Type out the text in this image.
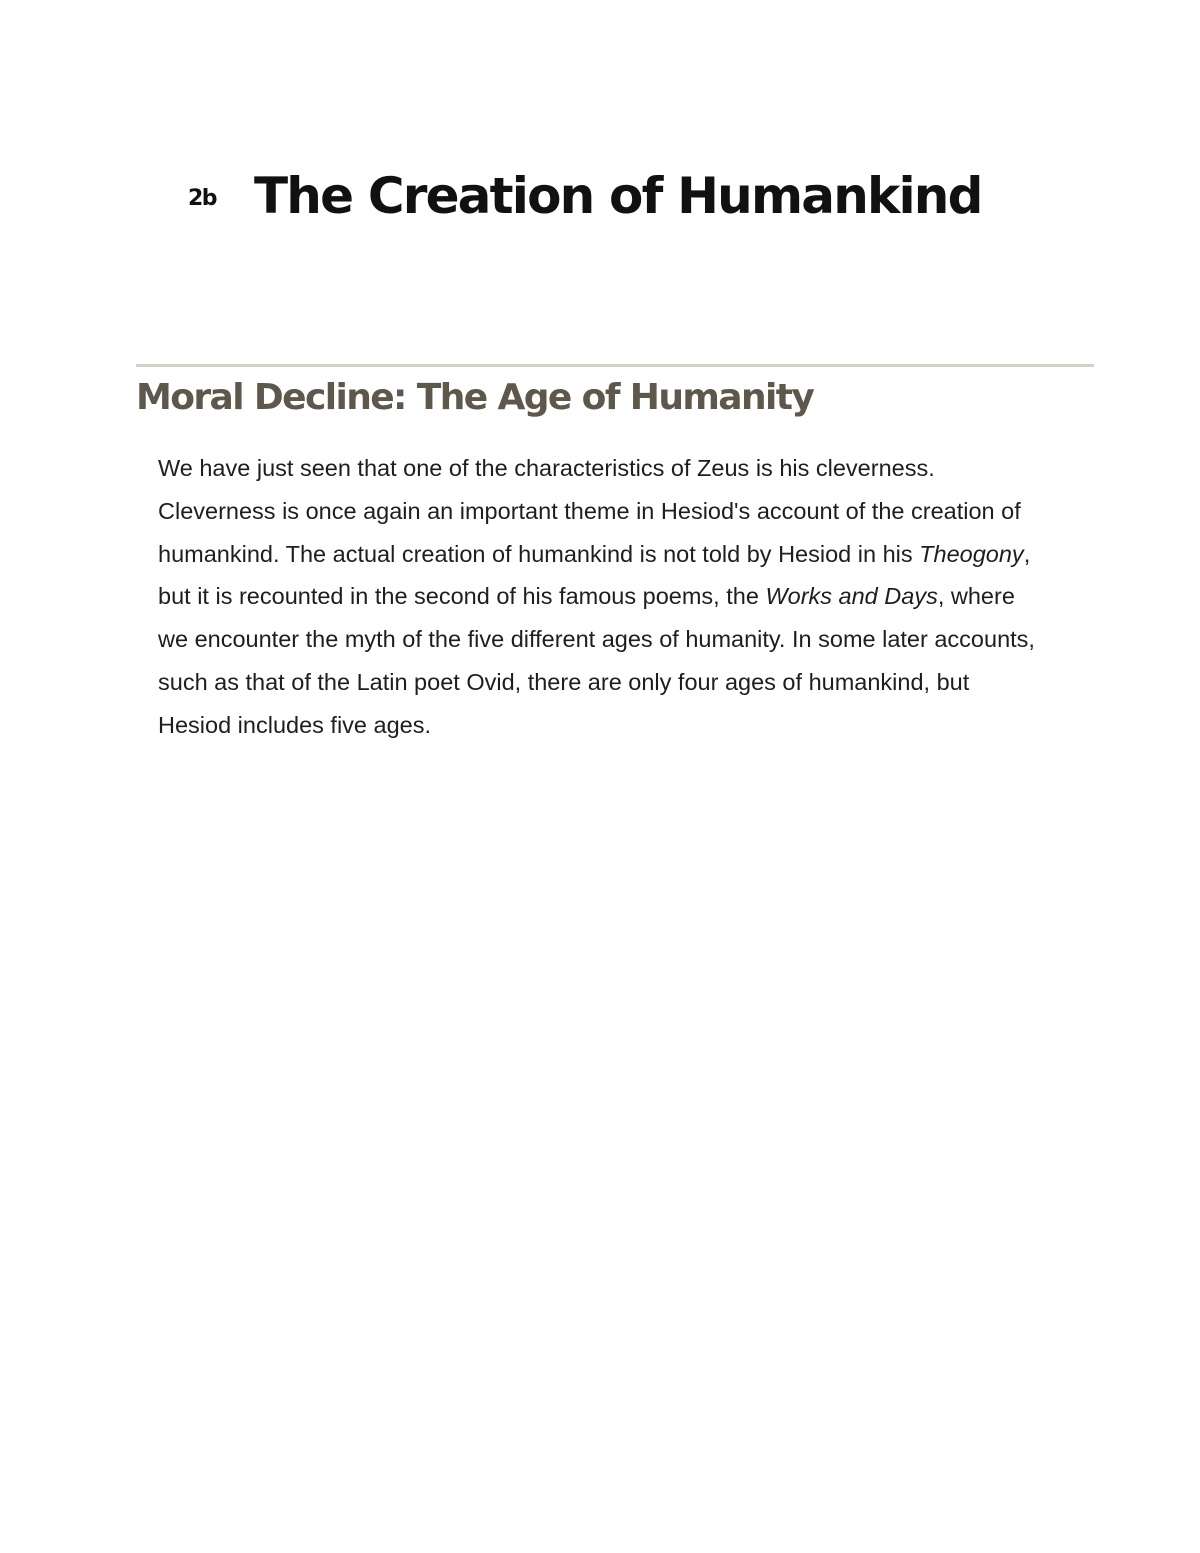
2b The Creation of Humankind
Moral Decline: The Age of Humanity

We have just seen that one of the characteristics of Zeus is his cleverness. Cleverness is once again an important theme in Hesiod's account of the creation of humankind. The actual creation of humankind is not told by Hesiod in his Theogony, but it is recounted in the second of his famous poems, the Works and Days, where we encounter the myth of the five different ages of humanity. In some later accounts, such as that of the Latin poet Ovid, there are only four ages of humankind, but Hesiod includes five ages.
